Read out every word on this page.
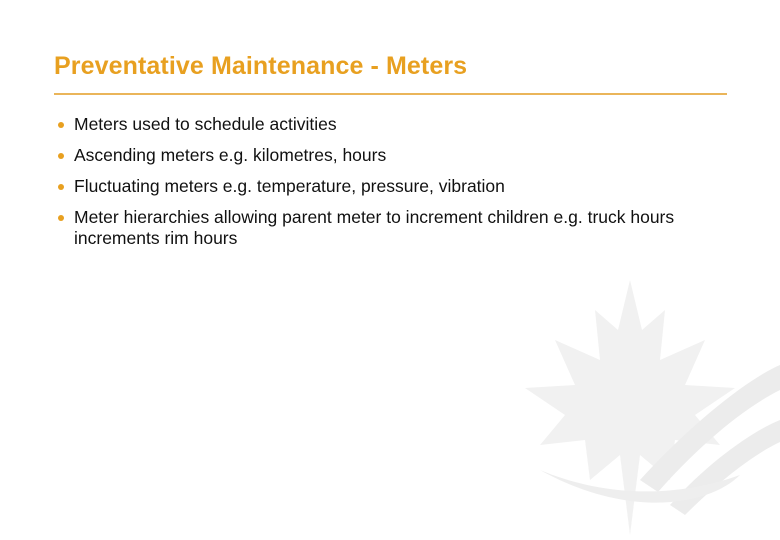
Preventative Maintenance - Meters
Meters used to schedule activities
Ascending meters e.g. kilometres, hours
Fluctuating meters e.g. temperature, pressure, vibration
Meter hierarchies allowing parent meter to increment children e.g. truck hours increments rim hours
